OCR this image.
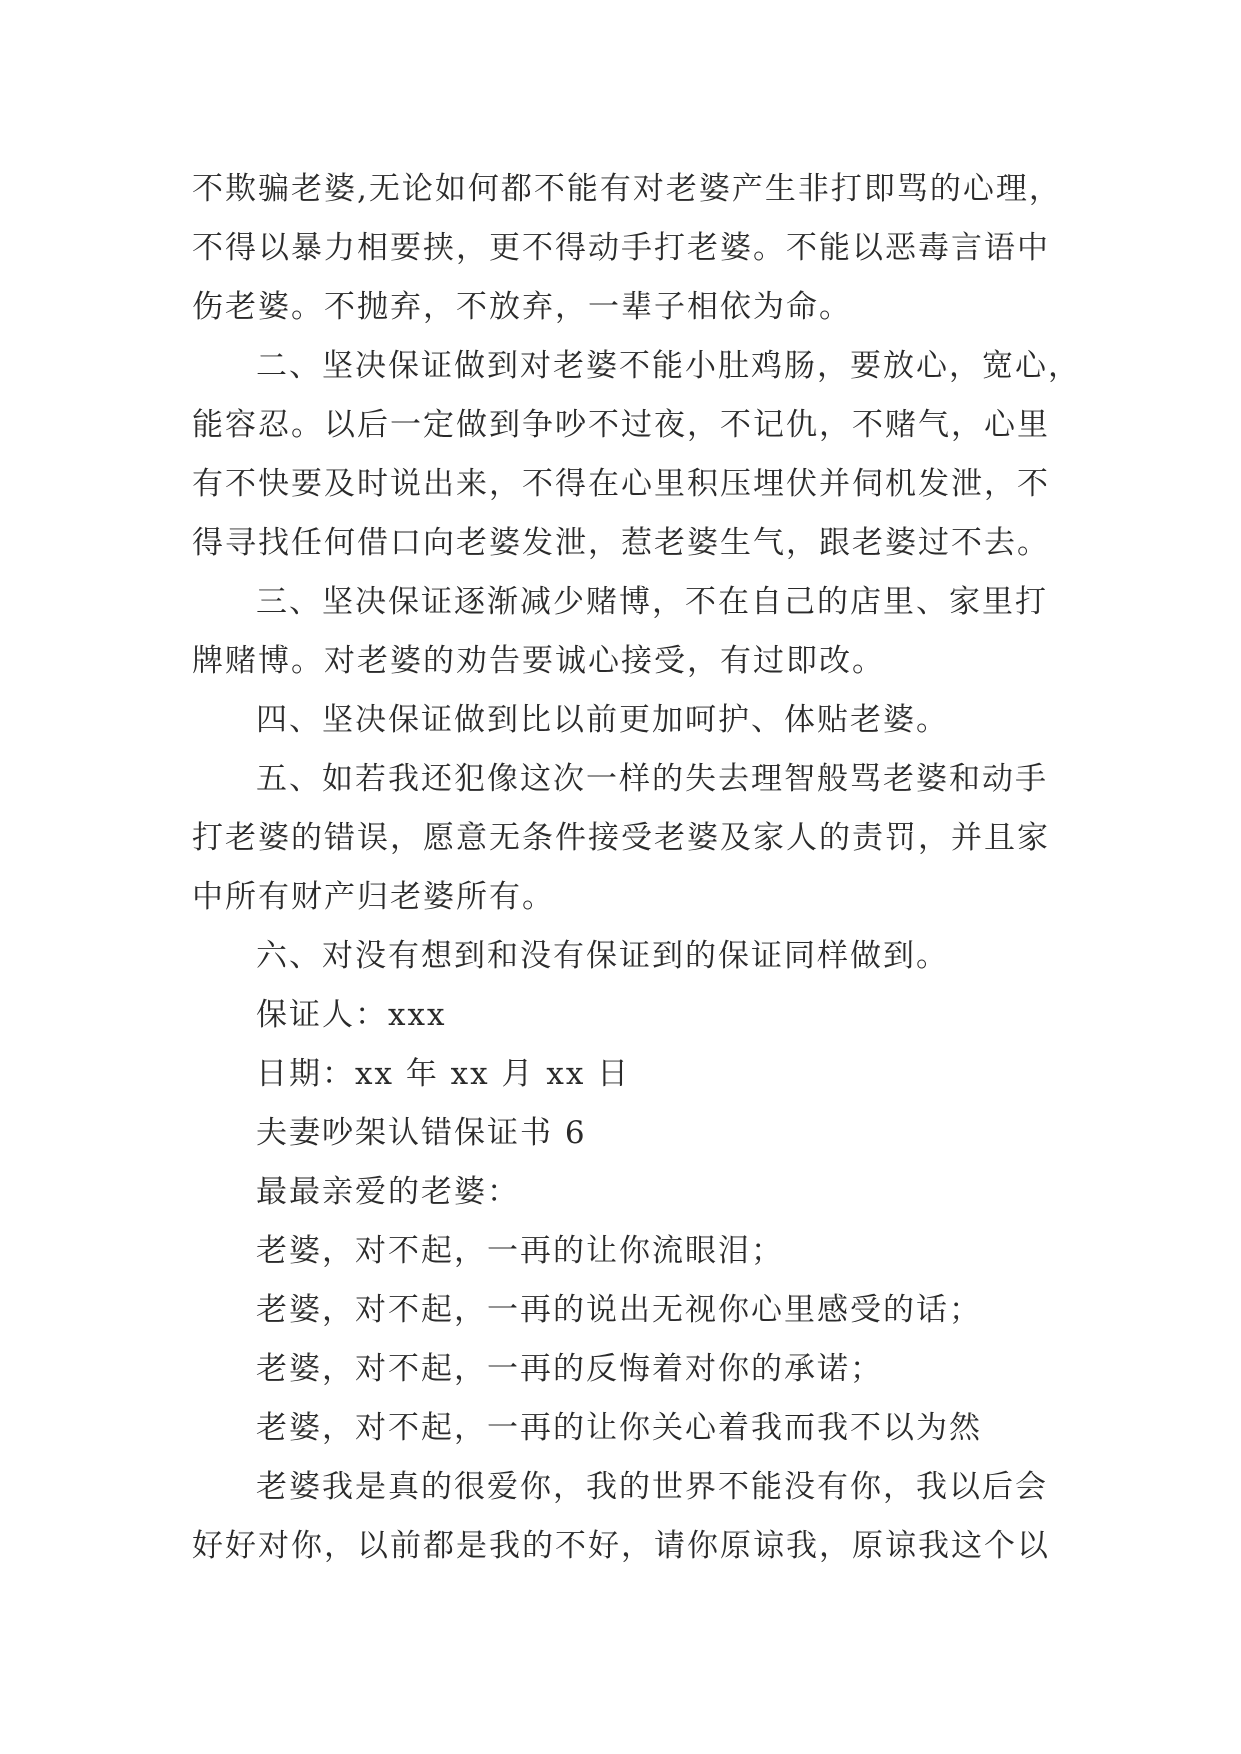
不欺骗老婆,无论如何都不能有对老婆产生非打即骂的心理，
不得以暴力相要挟，更不得动手打老婆。不能以恶毒言语中
伤老婆。不抛弃，不放弃，一辈子相依为命。
二、坚决保证做到对老婆不能小肚鸡肠，要放心，宽心，
能容忍。以后一定做到争吵不过夜，不记仇，不赌气，心里
有不快要及时说出来，不得在心里积压埋伏并伺机发泄，不
得寻找任何借口向老婆发泄，惹老婆生气，跟老婆过不去。
三、坚决保证逐渐减少赌博，不在自己的店里、家里打
牌赌博。对老婆的劝告要诚心接受，有过即改。
四、坚决保证做到比以前更加呵护、体贴老婆。
五、如若我还犯像这次一样的失去理智般骂老婆和动手
打老婆的错误，愿意无条件接受老婆及家人的责罚，并且家
中所有财产归老婆所有。
六、对没有想到和没有保证到的保证同样做到。
保证人：xxx
日期：xx 年 xx 月 xx 日
夫妻吵架认错保证书 6
最最亲爱的老婆：
老婆，对不起，一再的让你流眼泪；
老婆，对不起，一再的说出无视你心里感受的话；
老婆，对不起，一再的反悔着对你的承诺；
老婆，对不起，一再的让你关心着我而我不以为然
老婆我是真的很爱你，我的世界不能没有你，我以后会
好好对你，以前都是我的不好，请你原谅我，原谅我这个以
